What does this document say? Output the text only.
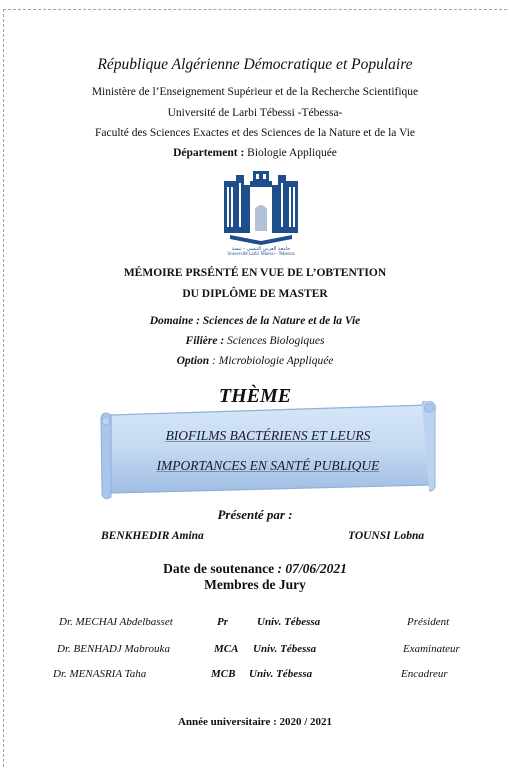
République Algérienne Démocratique et Populaire
Ministère de l’Enseignement Supérieur et de la Recherche Scientifique
Université de Larbi Tébessi -Tébessa-
Faculté des Sciences Exactes et des Sciences de la Nature et de la Vie
Département : Biologie Appliquée
جامعة العربي التبسي - تبسة
Université Larbi Tébessi - Tébessa
MÉMOIRE PRSÉNTÉ EN VUE DE L’OBTENTION
DU DIPLÔME DE MASTER
Domaine : Sciences de la Nature et de la Vie
Filière : Sciences Biologiques
Option : Microbiologie Appliquée
THÈME
BIOFILMS BACTÉRIENS ET LEURS
IMPORTANCES EN SANTÉ PUBLIQUE
Présenté par :
BENKHEDIR Amina	TOUNSI Lobna
Date de soutenance : 07/06/2021
Membres de Jury
Dr. MECHAI Abdelbasset	Pr	Univ. Tébessa	Président
Dr. BENHADJ Mabrouka	MCA Univ. Tébessa	Examinateur
Dr. MENASRIA Taha	MCB Univ. Tébessa	Encadreur
Année universitaire : 2020 / 2021
